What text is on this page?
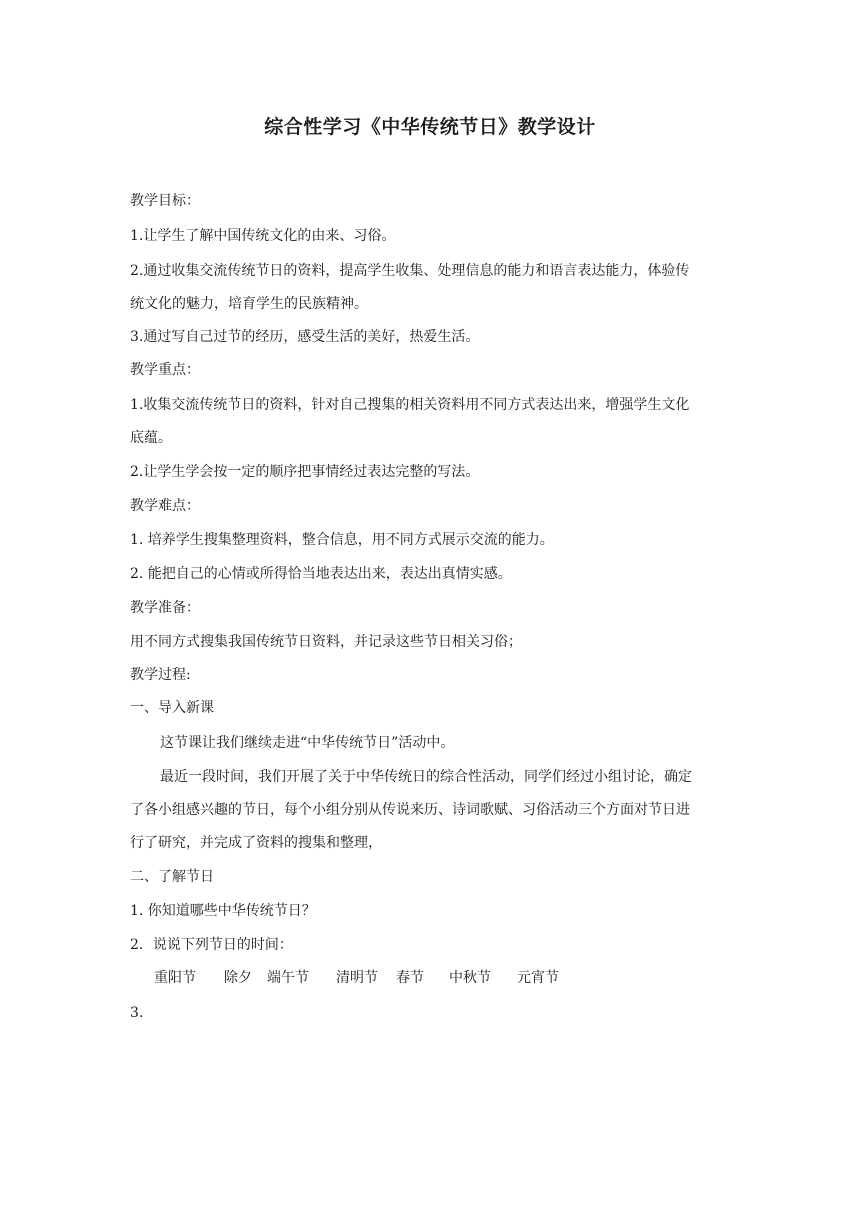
综合性学习《中华传统节日》教学设计
教学目标：
1.让学生了解中国传统文化的由来、习俗。
2.通过收集交流传统节日的资料，提高学生收集、处理信息的能力和语言表达能力，体验传
统文化的魅力，培育学生的民族精神。
3.通过写自己过节的经历，感受生活的美好，热爱生活。
教学重点：
1.收集交流传统节日的资料，针对自己搜集的相关资料用不同方式表达出来，增强学生文化
底蕴。
2.让学生学会按一定的顺序把事情经过表达完整的写法。
教学难点：
1. 培养学生搜集整理资料，整合信息，用不同方式展示交流的能力。
2. 能把自己的心情或所得恰当地表达出来，表达出真情实感。
教学准备：
用不同方式搜集我国传统节日资料，并记录这些节日相关习俗；
教学过程:
一、导入新课
这节课让我们继续走进“中华传统节日”活动中。
最近一段时间，我们开展了关于中华传统日的综合性活动，同学们经过小组讨论，确定
了各小组感兴趣的节日，每个小组分别从传说来历、诗词歌赋、习俗活动三个方面对节日进
行了研究，并完成了资料的搜集和整理，
二、了解节日
1. 你知道哪些中华传统节日？
2．说说下列节日的时间：
重阳节 除夕 端午节 清明节 春节 中秋节 元宵节
3.
